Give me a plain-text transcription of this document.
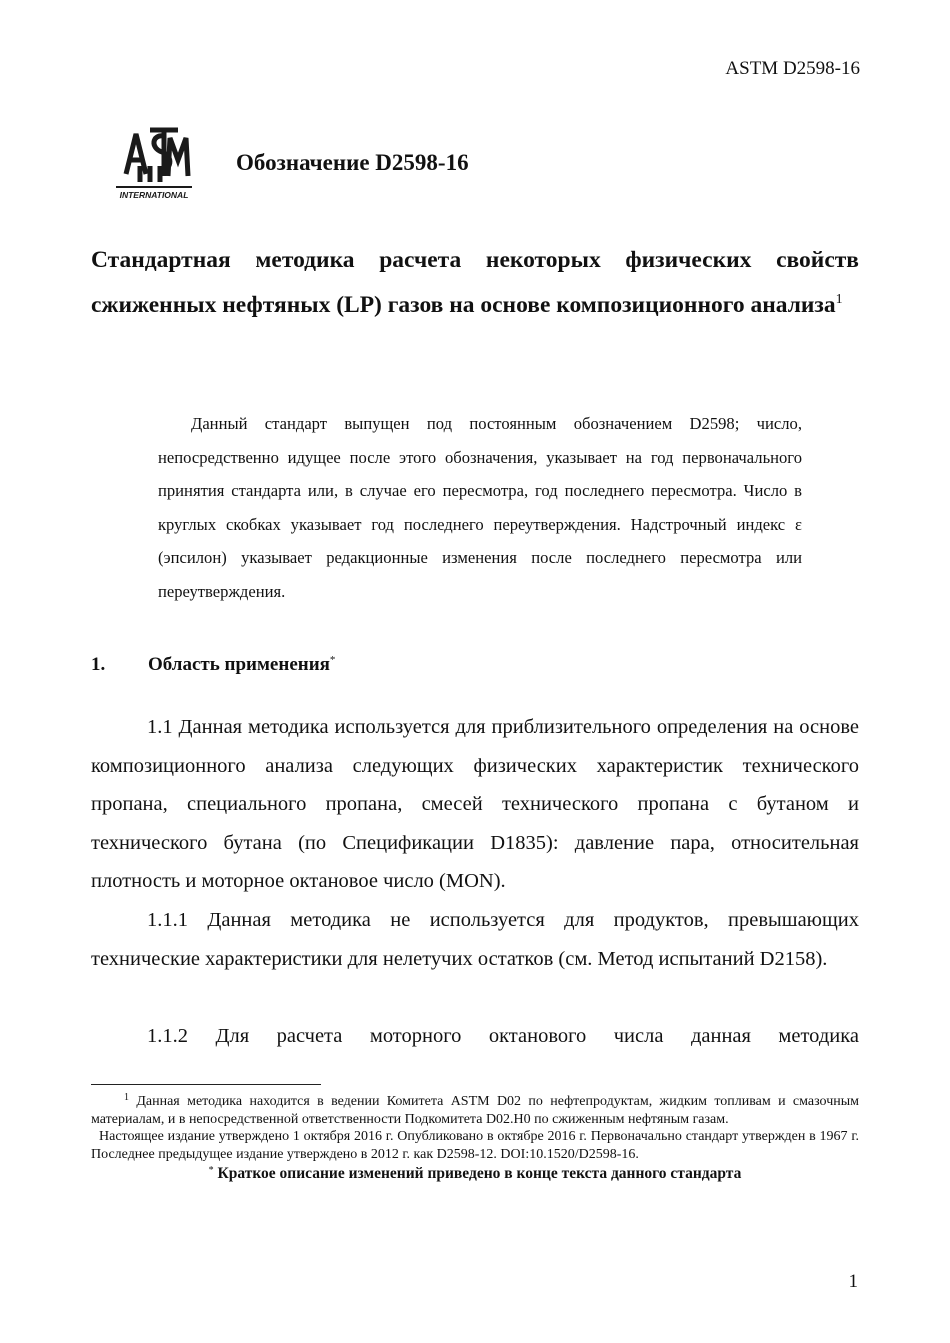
ASTM D2598-16
INTERNATIONAL
Обозначение D2598-16
Стандартная методика расчета некоторых физических свойств сжиженных нефтяных (LP) газов на основе композиционного анализа$^1$
Данный стандарт выпущен под постоянным обозначением D2598; число, непосредственно идущее после этого обозначения, указывает на год первоначального принятия стандарта или, в случае его пересмотра, год последнего пересмотра. Число в круглых скобках указывает год последнего переутверждения. Надстрочный индекс ε (эпсилон) указывает редакционные изменения после последнего пересмотра или переутверждения.
1. Область применения*
1.1 Данная методика используется для приблизительного определения на основе композиционного анализа следующих физических характеристик технического пропана, специального пропана, смесей технического пропана с бутаном и технического бутана (по Спецификации D1835): давление пара, относительная плотность и моторное октановое число (MON).
1.1.1 Данная методика не используется для продуктов, превышающих технические характеристики для нелетучих остатков (см. Метод испытаний D2158).
1.1.2 Для расчета моторного октанового числа данная методика

$^1$ Данная методика находится в ведении Комитета ASTM D02 по нефтепродуктам, жидким топливам и смазочным материалам, и в непосредственной ответственности Подкомитета D02.H0 по сжиженным нефтяным газам.

Настоящее издание утверждено 1 октября 2016 г. Опубликовано в октябре 2016 г. Первоначально стандарт утвержден в 1967 г. Последнее предыдущее издание утверждено в 2012 г. как D2598-12. DOI:10.1520/D2598-16.

* Краткое описание изменений приведено в конце текста данного стандарта

1
